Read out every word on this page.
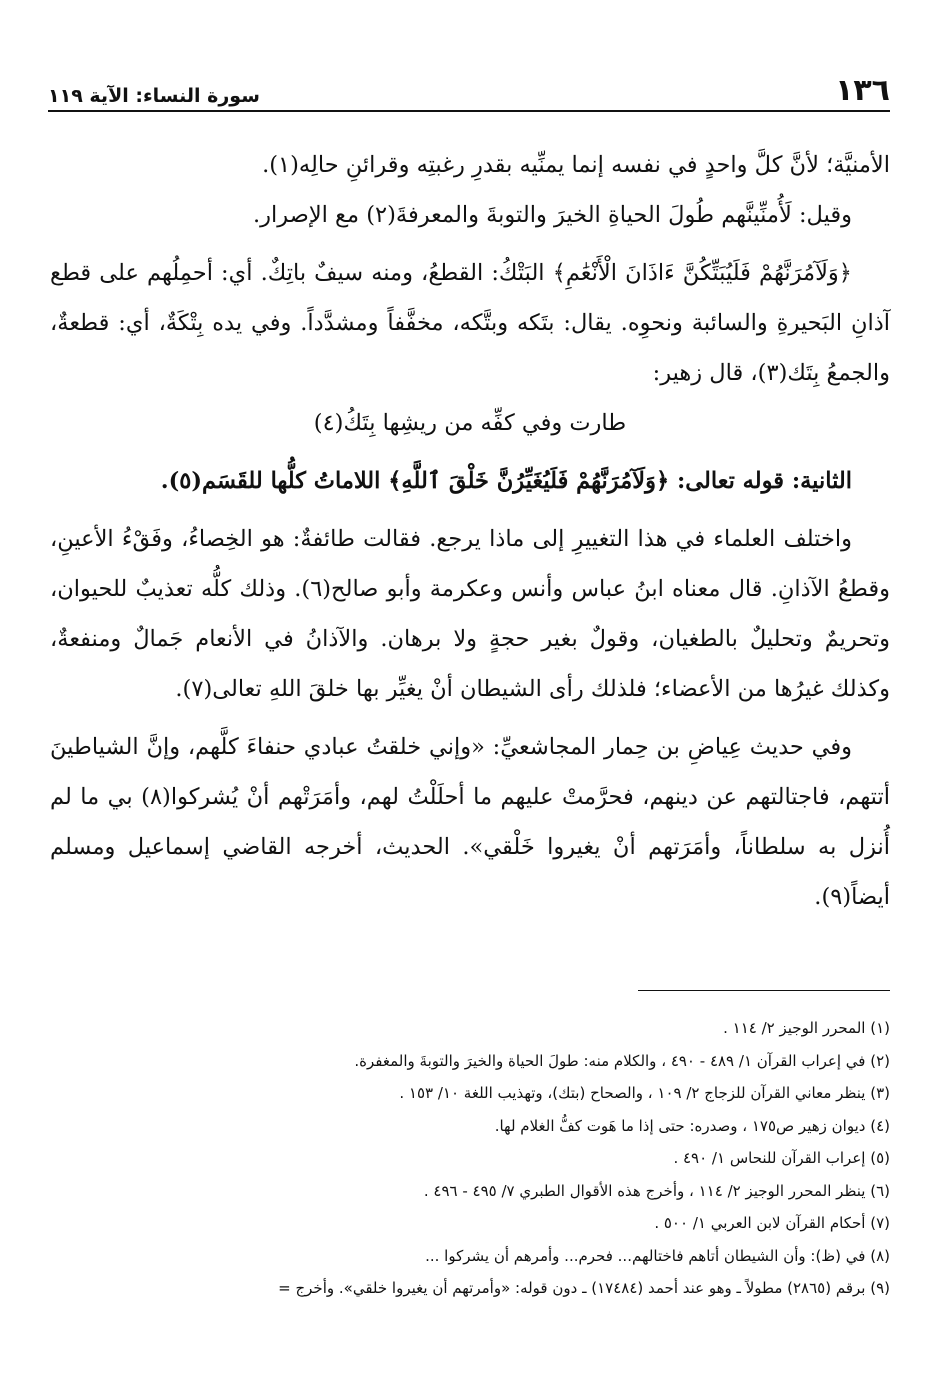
١٣٦
سورة النساء: الآية ١١٩

الأمنيَّة؛ لأنَّ كلَّ واحدٍ في نفسه إنما يمنِّيه بقدرِ رغبتِه وقرائنِ حالِه(١).

وقيل: لَأُمنِّينَّهم طُولَ الحياةِ الخيرَ والتوبةَ والمعرفةَ(٢) مع الإصرار.

﴿وَلَآمُرَنَّهُمْ فَلَيُبَتِّكُنَّ ءَاذَانَ الْأَنْعَٰمِ﴾ البَتْكُ: القطعُ، ومنه سيفٌ باتِكٌ. أي: أحمِلُهم على قطع آذانِ البَحيرةِ والسائبة ونحوِه. يقال: بتَكه وبتَّكه، مخفَّفاً ومشدَّداً. وفي يده بِتْكَةٌ، أي: قطعةٌ، والجمعُ بِتَك(٣)، قال زهير:

طارت وفي كفِّه من ريشِها بِتَكُ(٤)

الثانية: قوله تعالى: ﴿وَلَآمُرَنَّهُمْ فَلَيُغَيِّرُنَّ خَلْقَ ٱللَّهِ﴾ اللاماتُ كلُّها للقَسَم(٥).

واختلف العلماء في هذا التغييرِ إلى ماذا يرجع. فقالت طائفةٌ: هو الخِصاءُ، وفَقْءُ الأعينِ، وقطعُ الآذانِ. قال معناه ابنُ عباس وأنس وعكرمة وأبو صالح(٦). وذلك كلُّه تعذيبٌ للحيوان، وتحريمٌ وتحليلٌ بالطغيان، وقولٌ بغير حجةٍ ولا برهان. والآذانُ في الأنعام جَمالٌ ومنفعةٌ، وكذلك غيرُها من الأعضاء؛ فلذلك رأى الشيطان أنْ يغيِّر بها خلقَ اللهِ تعالى(٧).

وفي حديث عِياضِ بن حِمار المجاشعيِّ: «وإني خلقتُ عبادي حنفاءَ كلَّهم، وإنَّ الشياطينَ أتتهم، فاجتالتهم عن دينهم، فحرَّمتْ عليهم ما أحلَلْتُ لهم، وأمَرَتْهم أنْ يُشركوا(٨) بي ما لم أُنزل به سلطاناً، وأمَرَتهم أنْ يغيروا خَلْقي». الحديث، أخرجه القاضي إسماعيل ومسلم أيضاً(٩).

(١) المحرر الوجيز ٢/ ١١٤ .
(٢) في إعراب القرآن ١/ ٤٨٩ - ٤٩٠ ، والكلام منه: طولَ الحياة والخيرَ والتوبةَ والمغفرة.
(٣) ينظر معاني القرآن للزجاج ٢/ ١٠٩ ، والصحاح (بتك)، وتهذيب اللغة ١٠/ ١٥٣ .
(٤) ديوان زهير ص١٧٥ ، وصدره: حتى إذا ما هَوت كفُّ الغلام لها.
(٥) إعراب القرآن للنحاس ١/ ٤٩٠ .
(٦) ينظر المحرر الوجيز ٢/ ١١٤ ، وأخرج هذه الأقوال الطبري ٧/ ٤٩٥ - ٤٩٦ .
(٧) أحكام القرآن لابن العربي ١/ ٥٠٠ .
(٨) في (ظ): وأن الشيطان أتاهم فاختالهم... فحرم... وأمرهم أن يشركوا ...
(٩) برقم (٢٨٦٥) مطولاً ـ وهو عند أحمد (١٧٤٨٤) ـ دون قوله: «وأمرتهم أن يغيروا خلقي». وأخرج =
